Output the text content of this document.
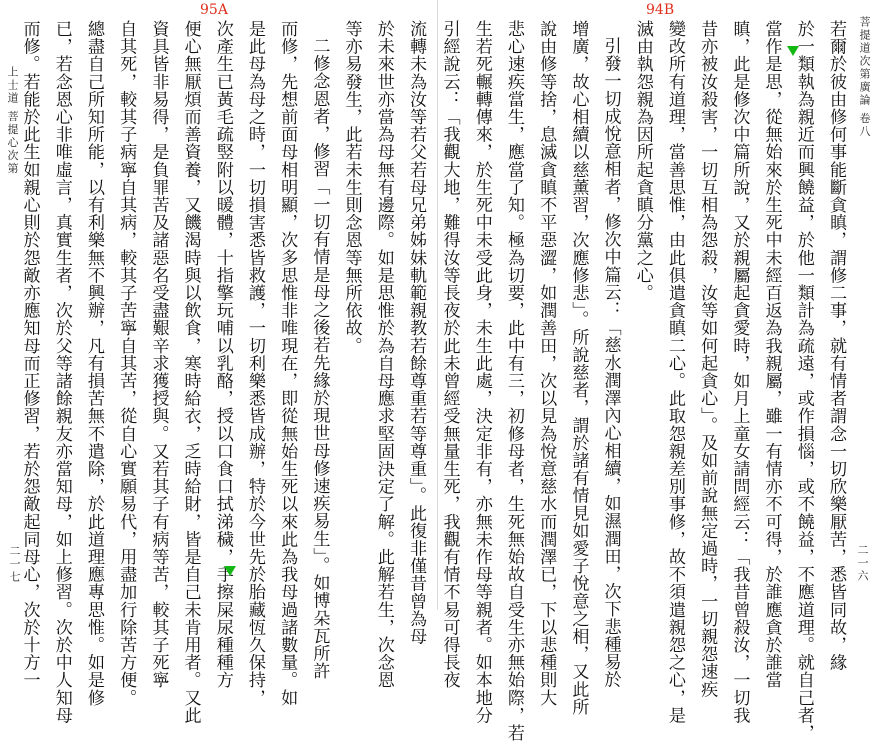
95A
上士道 菩提心次第
二一七	流轉未為汝等若父若母兄弟姊妹軌範親教若餘尊重若等尊重」。此復非僅昔曾為母
於未來世亦當為母無有邊際。如是思惟於為自母應求堅固決定了解。此解若生，次念恩
等亦易發生，此若未生則念恩等無所依故。
二修念恩者，修習「一切有情是母之後若先緣於現世母修速疾易生」。如博朵瓦所許
而修，先想前面母相明顯，次多思惟非唯現在，即從無始生死以來此為我母過諸數量。如
是此母為母之時，一切損害悉皆救護，一切利樂悉皆成辦，特於今世先於胎藏恆久保持，
次產生已黃毛疏竪附以暖體，十指擎玩哺以乳酪，授以口食口拭涕穢，手擦屎尿種種方
便心無厭煩而善資養，又饑渴時與以飲食，寒時給衣，乏時給財，皆是自己未肯用者。又此
資具皆非易得，是負罪苦及諸惡名受盡艱辛求獲授與。又若其子有病等苦，較其子死寧
自其死，較其子病寧自其病，較其子苦寧自其苦，從自心實願易代，用盡加行除苦方便。
總盡自己所知所能，以有利樂無不興辦，凡有損苦無不遣除，於此道理應專思惟。如是修
已，若念恩心非唯虛言，真實生者，次於父等諸餘親友亦當知母，如上修習。次於中人知母
而修。若能於此生如親心則於怨敵亦應知母而正修習，若於怨敵起同母心，次於十方一
94B
菩提道次第廣論 卷八
二一六
若爾於彼由修何事能斷貪瞋，謂修二事，就有情者謂念一切欣樂厭苦，悉皆同故，緣
於一類執為親近而興饒益，於他一類計為疏遠，或作損惱，或不饒益，不應道理。就自己者，
當作是思，從無始來於生死中未經百返為我親屬，雖一有情亦不可得，於誰應貪於誰當
瞋，此是修次中篇所說，又於親屬起貪愛時，如月上童女請問經云：「我昔曾殺汝，一切我
昔亦被汝殺害，一切互相為怨殺，汝等如何起貪心」。及如前說無定過時，一切親怨速疾
變改所有道理，當善思惟，由此俱遣貪瞋二心。此取怨親差別事修，故不須遣親怨之心，是
滅由執怨親為因所起貪瞋分黨之心。
引發一切成悅意相者，修次中篇云：「慈水潤澤內心相續，如濕潤田，次下悲種易於
增廣，故心相續以慈薰習，次應修悲」。所說慈者，謂於諸有情見如愛子悅意之相，又此所
說由修等捨，息滅貪瞋不平惡澀，如潤善田，次以見為悅意慈水而潤澤已，下以悲種則大
悲心速疾當生，應當了知。極為切要，此中有三，初修母者，生死無始故自受生亦無始際，若
生若死輾轉傳來，於生死中未受此身，未生此處，決定非有，亦無未作母等親者。如本地分
引經說云：「我觀大地，難得汝等長夜於此未曾經受無量生死，我觀有情不易可得長夜
